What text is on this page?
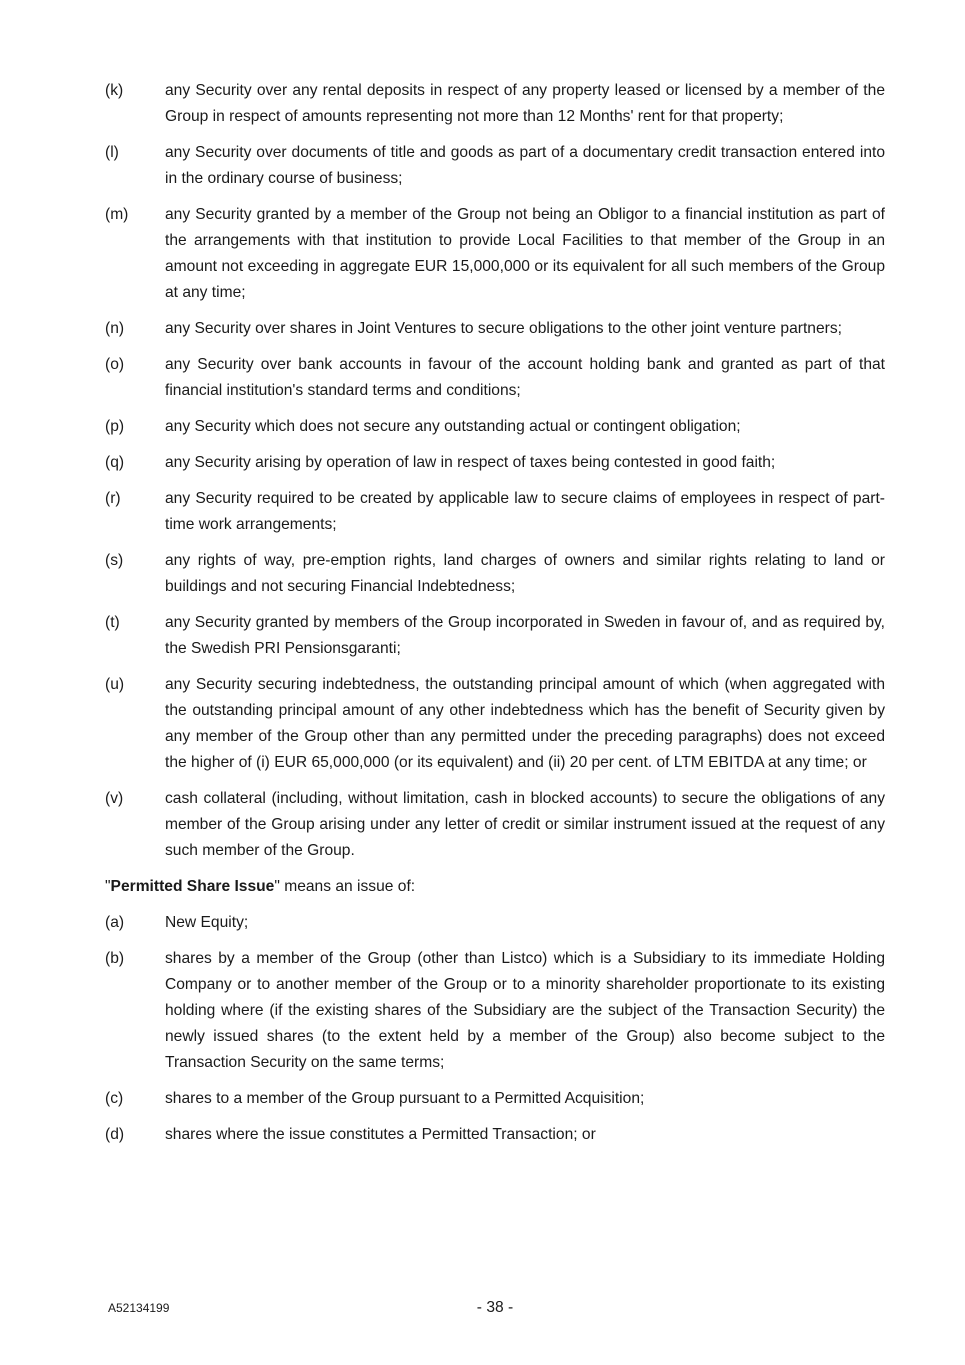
(k)	any Security over any rental deposits in respect of any property leased or licensed by a member of the Group in respect of amounts representing not more than 12 Months' rent for that property;
(l)	any Security over documents of title and goods as part of a documentary credit transaction entered into in the ordinary course of business;
(m)	any Security granted by a member of the Group not being an Obligor to a financial institution as part of the arrangements with that institution to provide Local Facilities to that member of the Group in an amount not exceeding in aggregate EUR 15,000,000 or its equivalent for all such members of the Group at any time;
(n)	any Security over shares in Joint Ventures to secure obligations to the other joint venture partners;
(o)	any Security over bank accounts in favour of the account holding bank and granted as part of that financial institution's standard terms and conditions;
(p)	any Security which does not secure any outstanding actual or contingent obligation;
(q)	any Security arising by operation of law in respect of taxes being contested in good faith;
(r)	any Security required to be created by applicable law to secure claims of employees in respect of part-time work arrangements;
(s)	any rights of way, pre-emption rights, land charges of owners and similar rights relating to land or buildings and not securing Financial Indebtedness;
(t)	any Security granted by members of the Group incorporated in Sweden in favour of, and as required by, the Swedish PRI Pensionsgaranti;
(u)	any Security securing indebtedness, the outstanding principal amount of which (when aggregated with the outstanding principal amount of any other indebtedness which has the benefit of Security given by any member of the Group other than any permitted under the preceding paragraphs) does not exceed the higher of (i) EUR 65,000,000 (or its equivalent) and (ii) 20 per cent. of LTM EBITDA at any time; or
(v)	cash collateral (including, without limitation, cash in blocked accounts) to secure the obligations of any member of the Group arising under any letter of credit or similar instrument issued at the request of any such member of the Group.
"Permitted Share Issue" means an issue of:
(a)	New Equity;
(b)	shares by a member of the Group (other than Listco) which is a Subsidiary to its immediate Holding Company or to another member of the Group or to a minority shareholder proportionate to its existing holding where (if the existing shares of the Subsidiary are the subject of the Transaction Security) the newly issued shares (to the extent held by a member of the Group) also become subject to the Transaction Security on the same terms;
(c)	shares to a member of the Group pursuant to a Permitted Acquisition;
(d)	shares where the issue constitutes a Permitted Transaction; or
A52134199	- 38 -
